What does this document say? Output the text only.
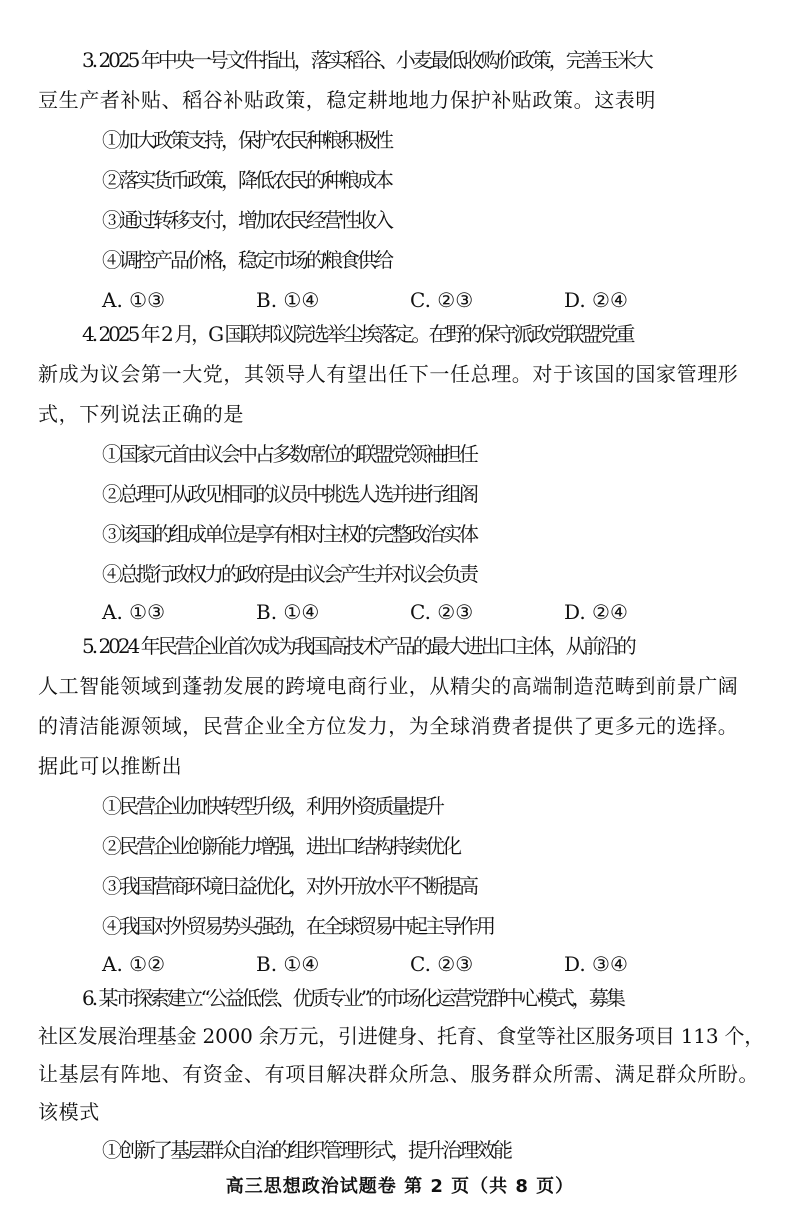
3. 2025 年中央一号文件指出，落实稻谷、小麦最低收购价政策，完善玉米大
豆生产者补贴、稻谷补贴政策，稳定耕地地力保护补贴政策。这表明
①加大政策支持，保护农民种粮积极性
②落实货币政策，降低农民的种粮成本
③通过转移支付，增加农民经营性收入
④调控产品价格，稳定市场的粮食供给
A. ①③	B. ①④	C. ②③	D. ②④
4. 2025 年 2 月，G 国联邦议院选举尘埃落定。在野的保守派政党联盟党重
新成为议会第一大党，其领导人有望出任下一任总理。对于该国的国家管理形
式，下列说法正确的是
①国家元首由议会中占多数席位的联盟党领袖担任
②总理可从政见相同的议员中挑选人选并进行组阁
③该国的组成单位是享有相对主权的完整政治实体
④总揽行政权力的政府是由议会产生并对议会负责
A. ①③	B. ①④	C. ②③	D. ②④
5. 2024 年民营企业首次成为我国高技术产品的最大进出口主体，从前沿的
人工智能领域到蓬勃发展的跨境电商行业，从精尖的高端制造范畴到前景广阔
的清洁能源领域，民营企业全方位发力，为全球消费者提供了更多元的选择。
据此可以推断出
①民营企业加快转型升级，利用外资质量提升
②民营企业创新能力增强，进出口结构持续优化
③我国营商环境日益优化，对外开放水平不断提高
④我国对外贸易势头强劲，在全球贸易中起主导作用
A. ①②	B. ①④	C. ②③	D. ③④
6. 某市探索建立“公益低偿、优质专业”的市场化运营党群中心模式，募集
社区发展治理基金 2000 余万元，引进健身、托育、食堂等社区服务项目 113 个，
让基层有阵地、有资金、有项目解决群众所急、服务群众所需、满足群众所盼。
该模式
①创新了基层群众自治的组织管理形式，提升治理效能
高三思想政治试题卷 第 2 页（共 8 页）
